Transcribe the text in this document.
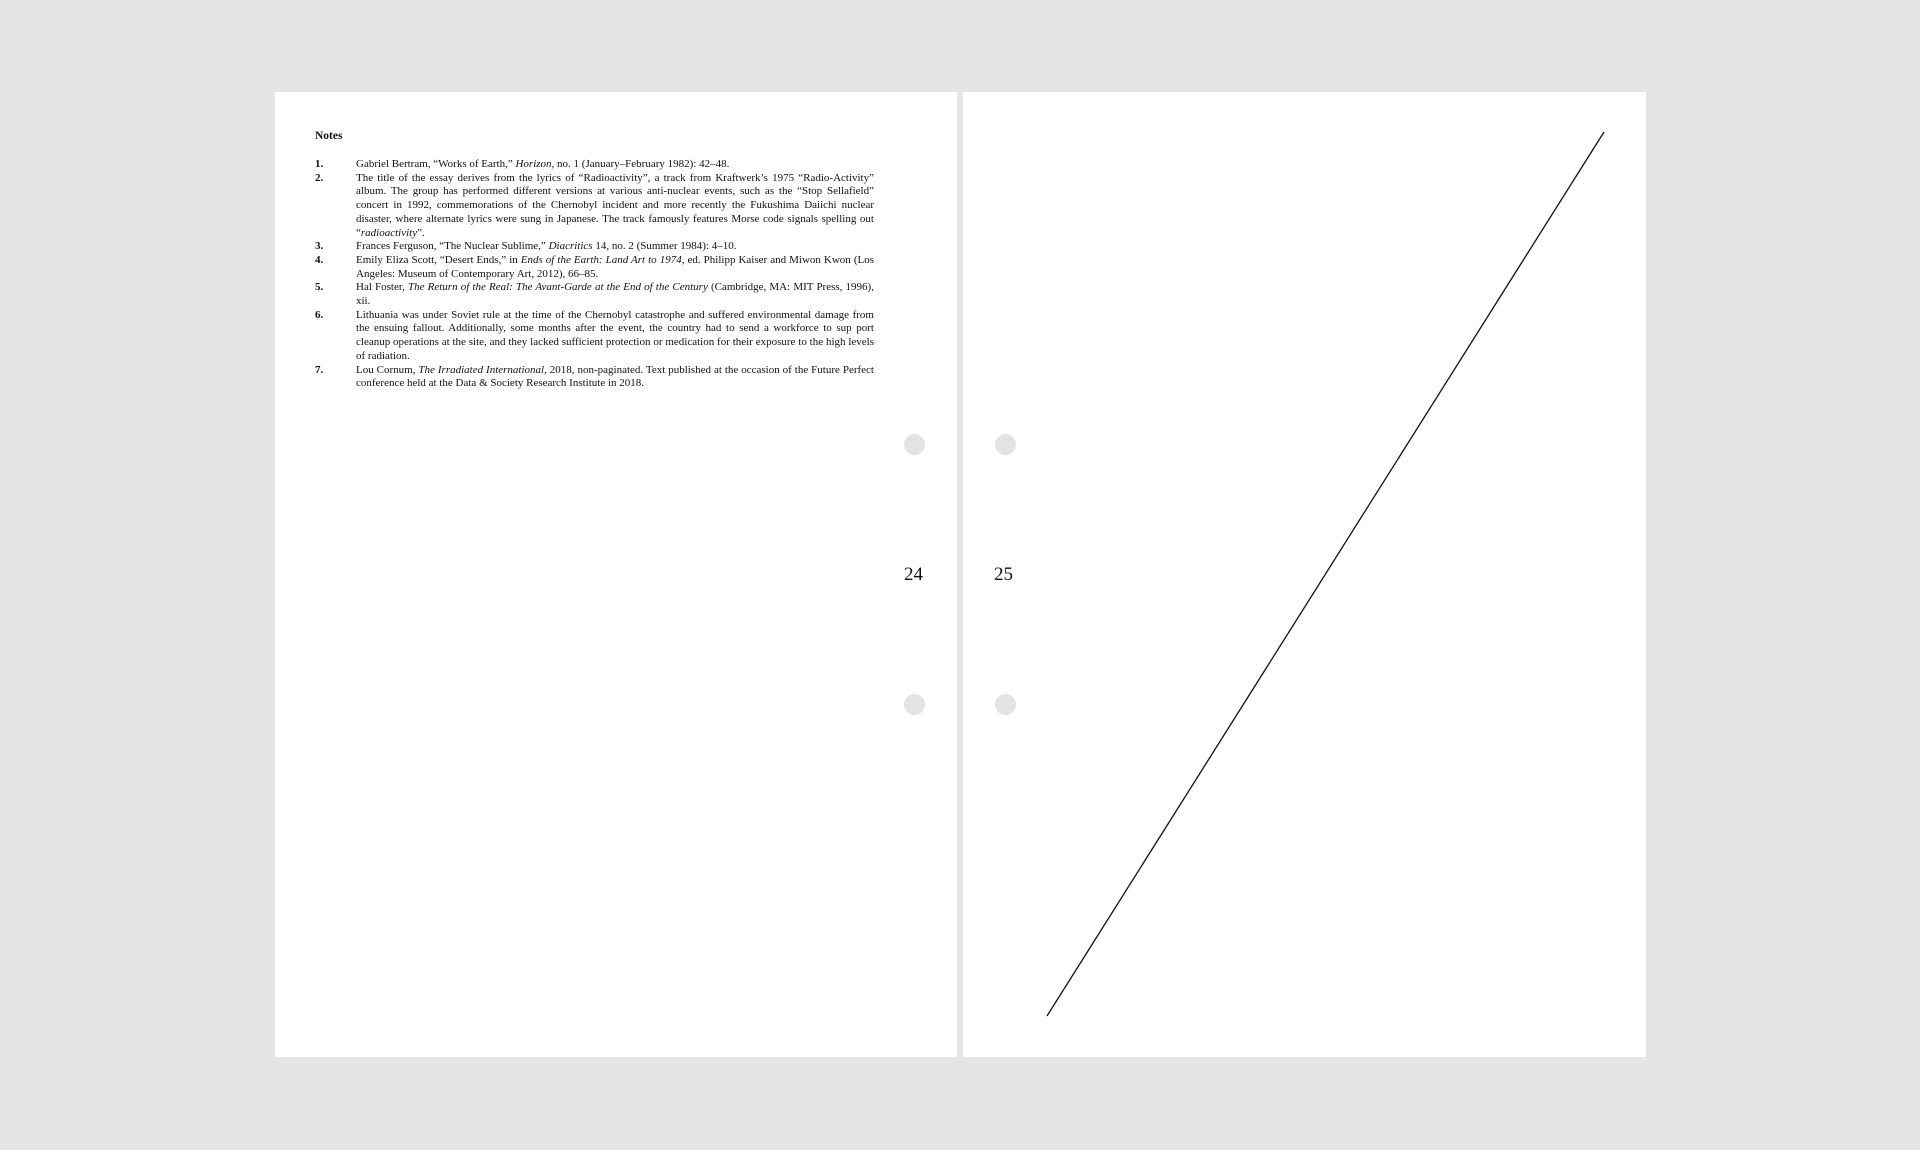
Notes
1.	Gabriel Bertram, “Works of Earth,” Horizon, no. 1 (January–February 1982): 42–48.
2.	The title of the essay derives from the lyrics of “Radioactivity”, a track from Kraftwerk’s 1975 “Radio-Activity” album. The group has performed different versions at various anti-nuclear events, such as the “Stop Sellafield” concert in 1992, commemorations of the Chernobyl incident and more recently the Fukushima Daiichi nuclear disaster, where alternate lyrics were sung in Japanese. The track famously features Morse code signals spelling out “radioactivity”.
3.	Frances Ferguson, “The Nuclear Sublime,” Diacritics 14, no. 2 (Summer 1984): 4–10.
4.	Emily Eliza Scott, “Desert Ends,” in Ends of the Earth: Land Art to 1974, ed. Philipp Kaiser and Miwon Kwon (Los Angeles: Museum of Contemporary Art, 2012), 66–85.
5.	Hal Foster, The Return of the Real: The Avant-Garde at the End of the Century (Cambridge, MA: MIT Press, 1996), xii.
6.	Lithuania was under Soviet rule at the time of the Chernobyl catastrophe and suffered environmental damage from the ensuing fallout. Additionally, some months after the event, the country had to send a workforce to sup port cleanup operations at the site, and they lacked sufficient protection or medication for their exposure to the high levels of radiation.
7.	Lou Cornum, The Irradiated International, 2018, non-paginated. Text published at the occasion of the Future Perfect conference held at the Data & Society Research Institute in 2018.
24	25
